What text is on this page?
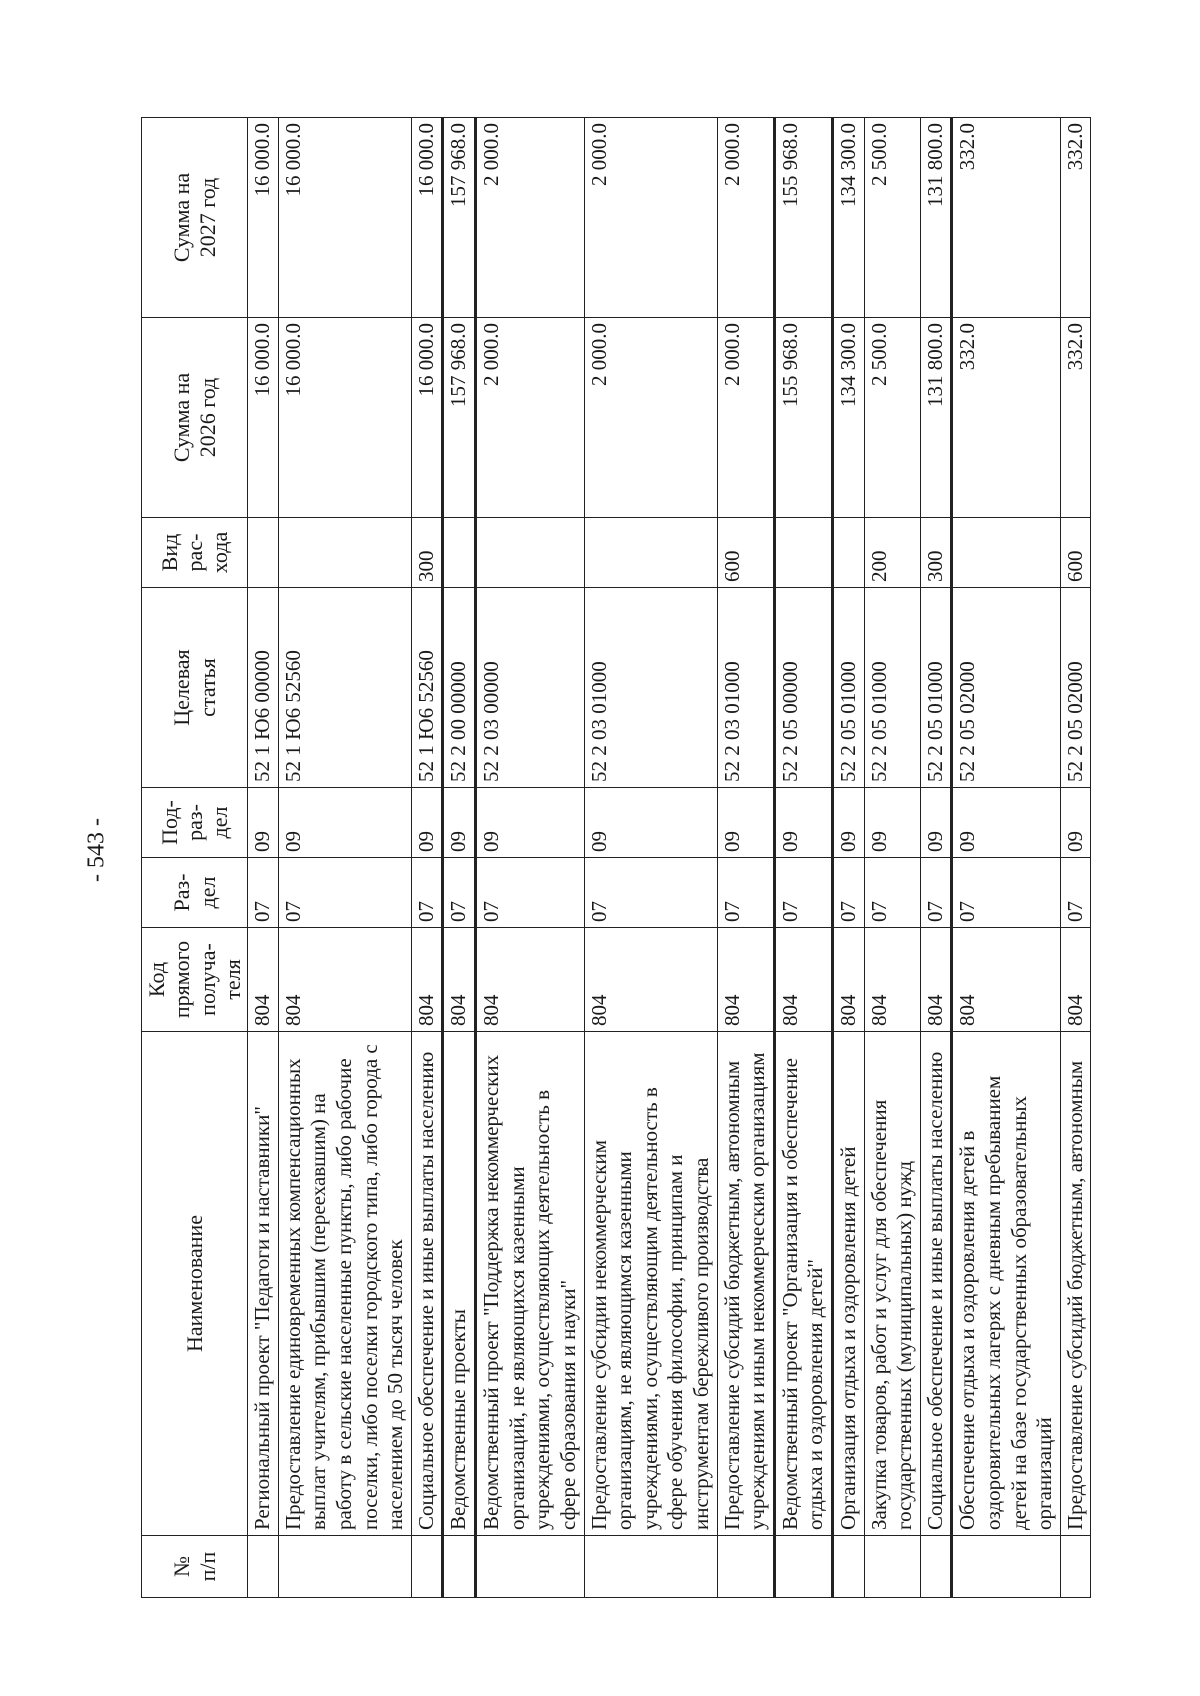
- 543 -
№
п/п	Наименование	Код
прямого
получа-
теля	Раз-
дел	Под-
раз-
дел	Целевая
статья	Вид
рас-
хода	Сумма на
2026 год	Сумма на
2027 год
	Региональный проект "Педагоги и наставники"	804	07	09	52 1 Ю6 00000		16 000.0	16 000.0
	Предоставление единовременных компенсационных выплат учителям, прибывшим (переехавшим) на работу в сельские населенные пункты, либо рабочие поселки, либо поселки городского типа, либо города с населением до 50 тысяч человек	804	07	09	52 1 Ю6 52560		16 000.0	16 000.0
	Социальное обеспечение и иные выплаты населению	804	07	09	52 1 Ю6 52560	300	16 000.0	16 000.0
	Ведомственные проекты	804	07	09	52 2 00 00000		157 968.0	157 968.0
	Ведомственный проект "Поддержка некоммерческих организаций, не являющихся казенными учреждениями, осуществляющих деятельность в сфере образования и науки"	804	07	09	52 2 03 00000		2 000.0	2 000.0
	Предоставление субсидии некоммерческим организациям, не являющимся казенными учреждениями, осуществляющим деятельность в сфере обучения философии, принципам и инструментам бережливого производства	804	07	09	52 2 03 01000		2 000.0	2 000.0
	Предоставление субсидий бюджетным, автономным учреждениям и иным некоммерческим организациям	804	07	09	52 2 03 01000	600	2 000.0	2 000.0
	Ведомственный проект "Организация и обеспечение отдыха и оздоровления детей"	804	07	09	52 2 05 00000		155 968.0	155 968.0
	Организация отдыха и оздоровления детей	804	07	09	52 2 05 01000		134 300.0	134 300.0
	Закупка товаров, работ и услуг для обеспечения государственных (муниципальных) нужд	804	07	09	52 2 05 01000	200	2 500.0	2 500.0
	Социальное обеспечение и иные выплаты населению	804	07	09	52 2 05 01000	300	131 800.0	131 800.0
	Обеспечение отдыха и оздоровления детей в оздоровительных лагерях с дневным пребыванием детей на базе государственных образовательных организаций	804	07	09	52 2 05 02000		332.0	332.0
	Предоставление субсидий бюджетным, автономным	804	07	09	52 2 05 02000	600	332.0	332.0
